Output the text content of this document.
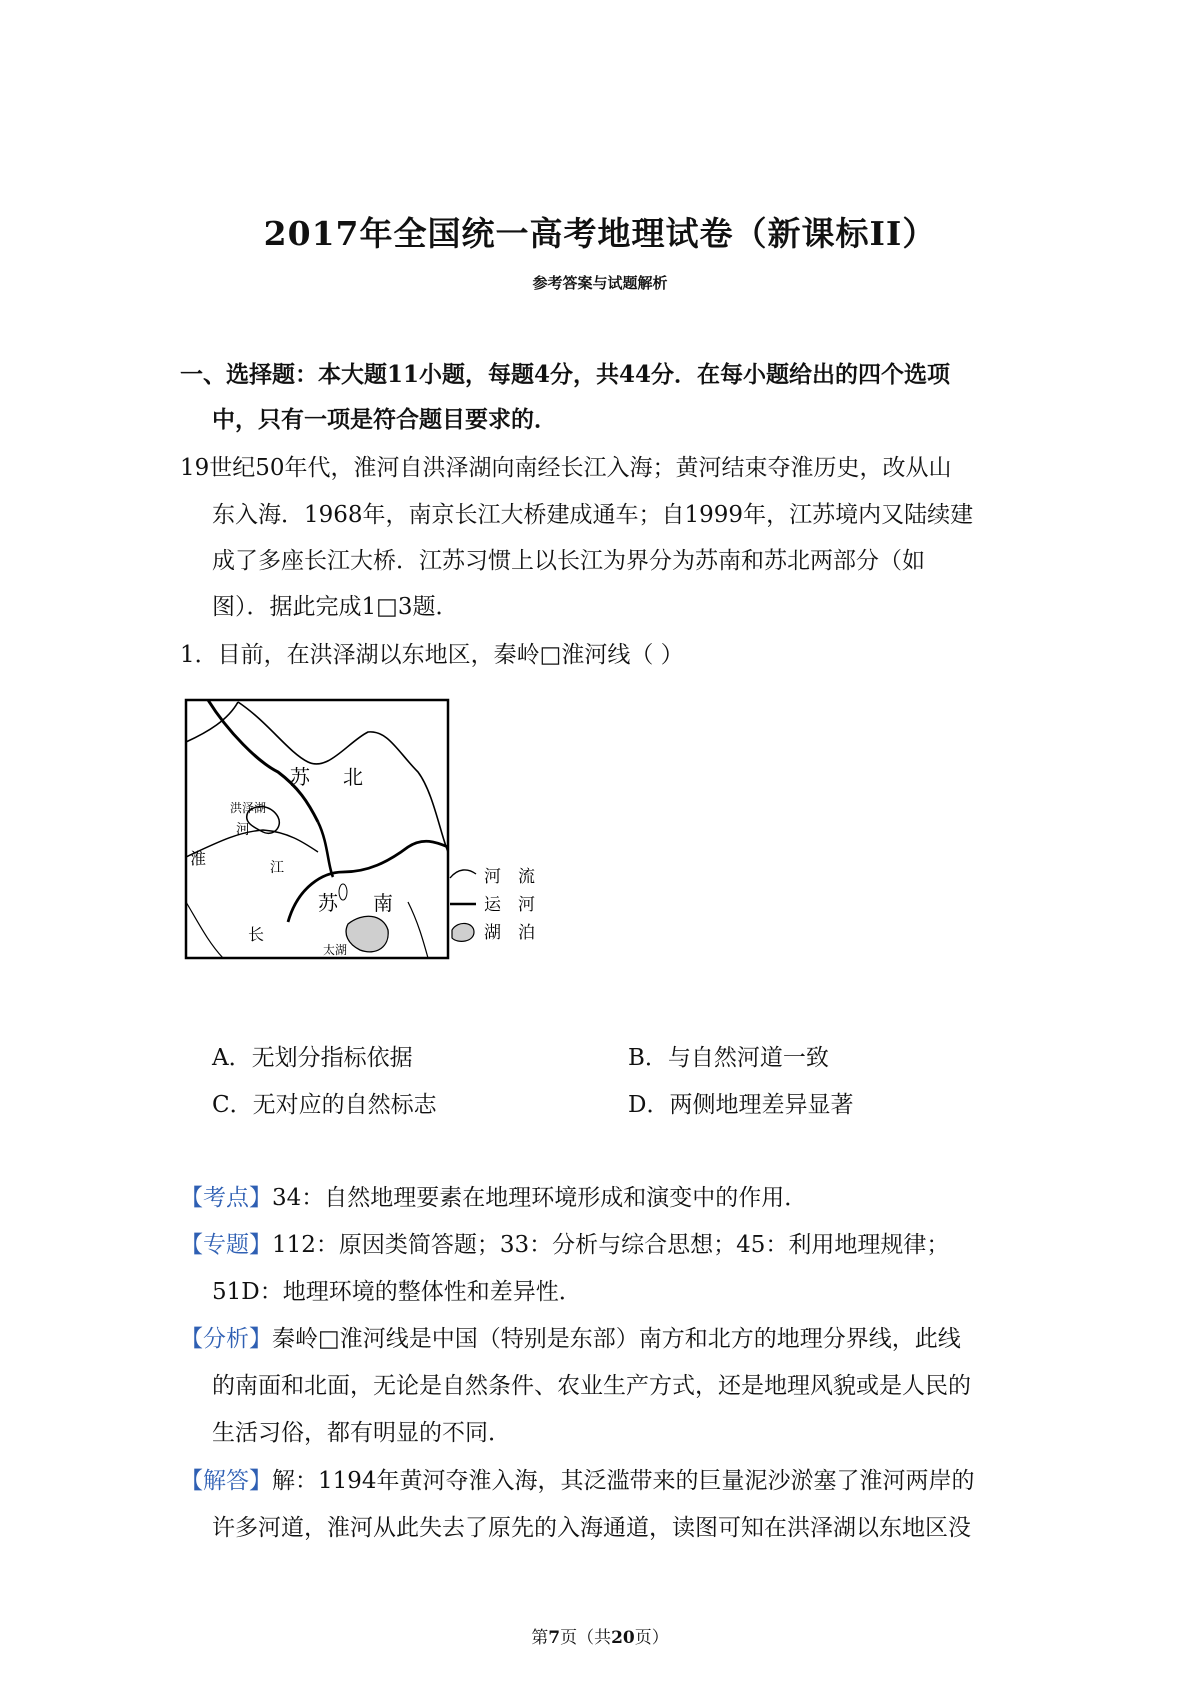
2017年全国统一高考地理试卷（新课标II）
参考答案与试题解析
一、选择题：本大题11小题，每题4分，共44分．在每小题给出的四个选项
中，只有一项是符合题目要求的．
19世纪50年代，淮河自洪泽湖向南经长江入海；黄河结束夺淮历史，改从山
东入海．1968年，南京长江大桥建成通车；自1999年，江苏境内又陆续建
成了多座长江大桥．江苏习惯上以长江为界分为苏南和苏北两部分（如
图）．据此完成1□3题．
1．目前，在洪泽湖以东地区，秦岭□淮河线（ ）
苏 北
洪泽湖
河
淮	江
苏 南
长
太湖
河　流
运　河
湖　泊
A．无划分指标依据	B．与自然河道一致
C．无对应的自然标志	D．两侧地理差异显著
【考点】34：自然地理要素在地理环境形成和演变中的作用．
【专题】112：原因类简答题；33：分析与综合思想；45：利用地理规律；
51D：地理环境的整体性和差异性．
【分析】秦岭□淮河线是中国（特别是东部）南方和北方的地理分界线，此线
的南面和北面，无论是自然条件、农业生产方式，还是地理风貌或是人民的
生活习俗，都有明显的不同．
【解答】解：1194年黄河夺淮入海，其泛滥带来的巨量泥沙淤塞了淮河两岸的
许多河道，淮河从此失去了原先的入海通道，读图可知在洪泽湖以东地区没
第7页（共20页）
